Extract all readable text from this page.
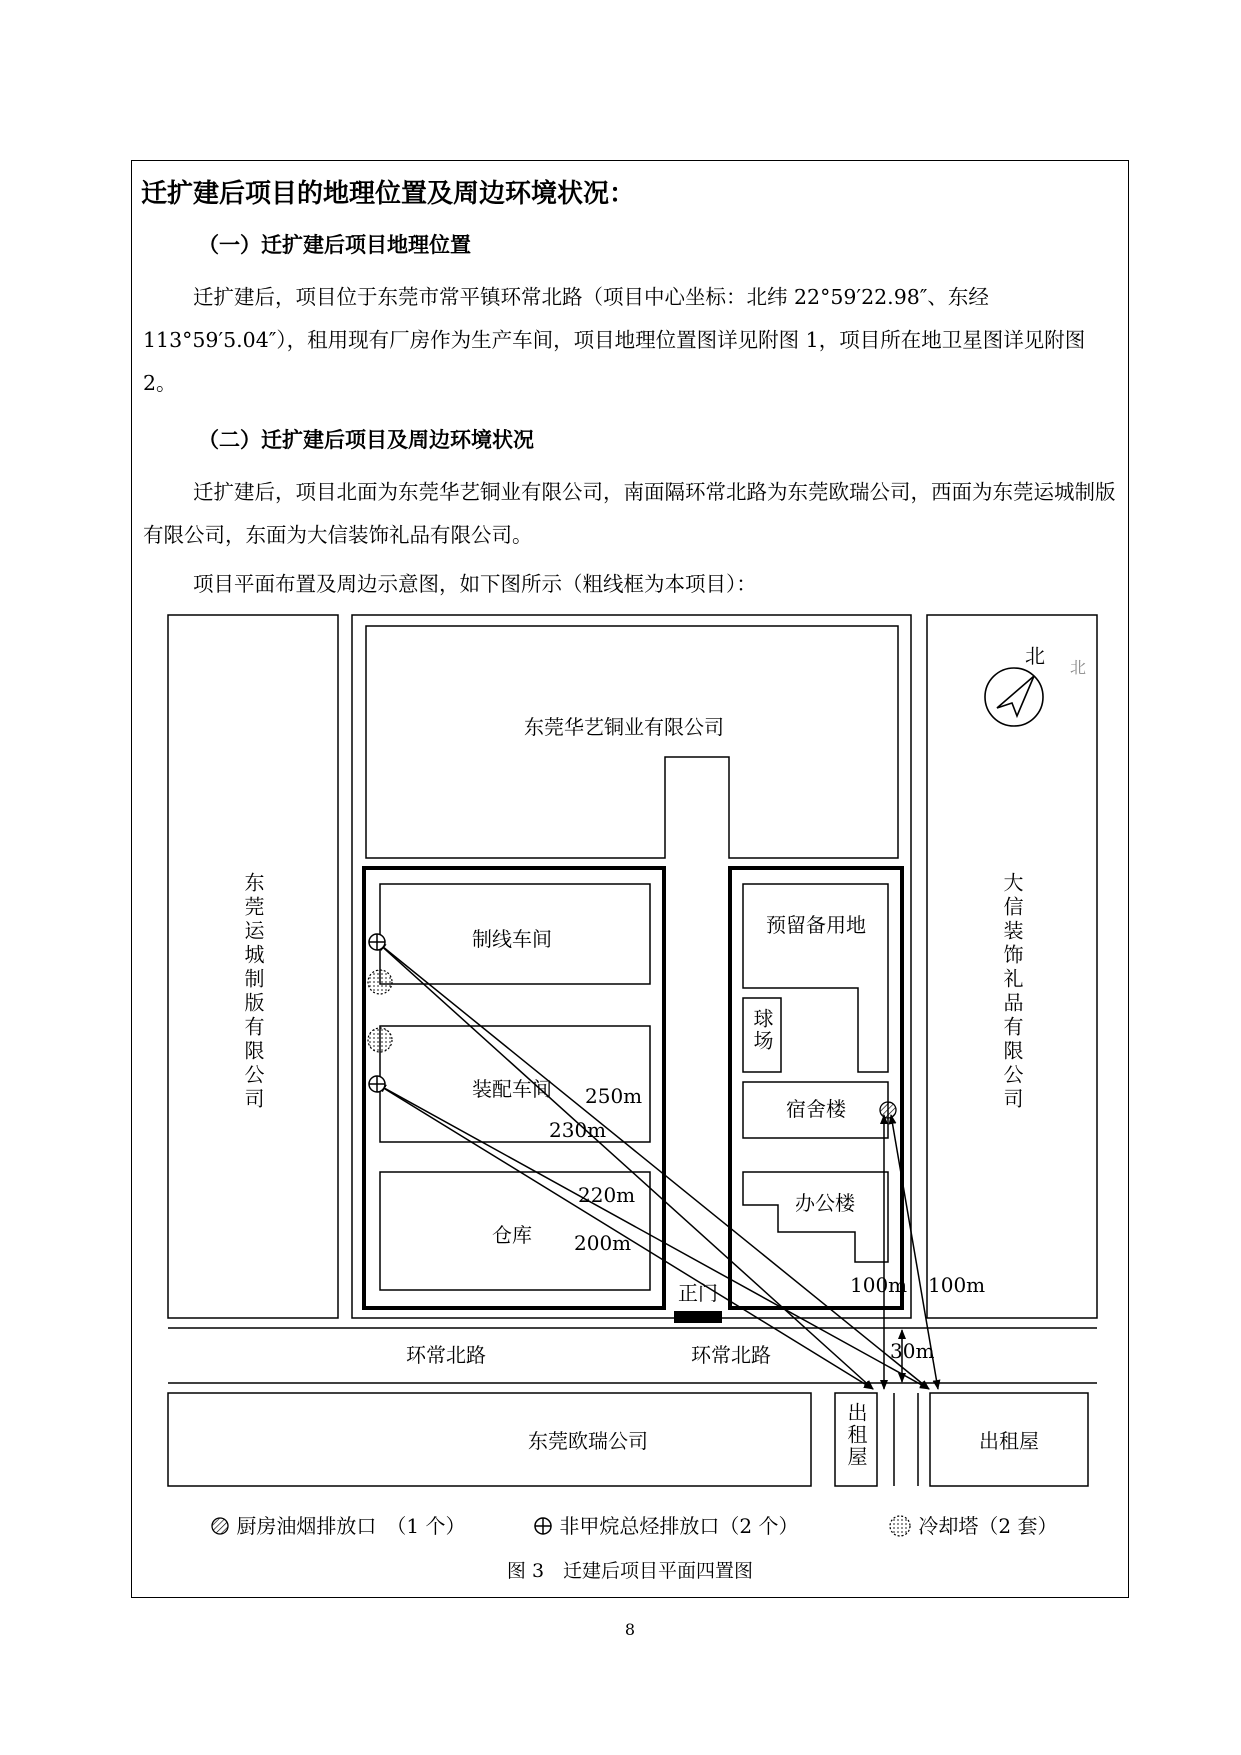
迁扩建后项目的地理位置及周边环境状况：
（一）迁扩建后项目地理位置
迁扩建后，项目位于东莞市常平镇环常北路（项目中心坐标：北纬 22°59′22.98″、东经 113°59′5.04″），租用现有厂房作为生产车间，项目地理位置图详见附图 1，项目所在地卫星图详见附图 2。
（二）迁扩建后项目及周边环境状况
迁扩建后，项目北面为东莞华艺铜业有限公司，南面隔环常北路为东莞欧瑞公司，西面为东莞运城制版有限公司，东面为大信装饰礼品有限公司。
项目平面布置及周边示意图，如下图所示（粗线框为本项目）：
东莞华艺铜业有限公司
制线车间
装配车间
仓库
预留备用地
宿舍楼
办公楼
正门
环常北路	环常北路
东莞欧瑞公司	出租屋
北
250m
230m
220m
200m
100m 100m
30m
北
东莞运城制版有限公司	大信装饰礼品有限公司
球场
出租屋
厨房油烟排放口　（1 个）	非甲烷总烃排放口（2 个）	冷却塔（2 套）
图 3　迁建后项目平面四置图
8
